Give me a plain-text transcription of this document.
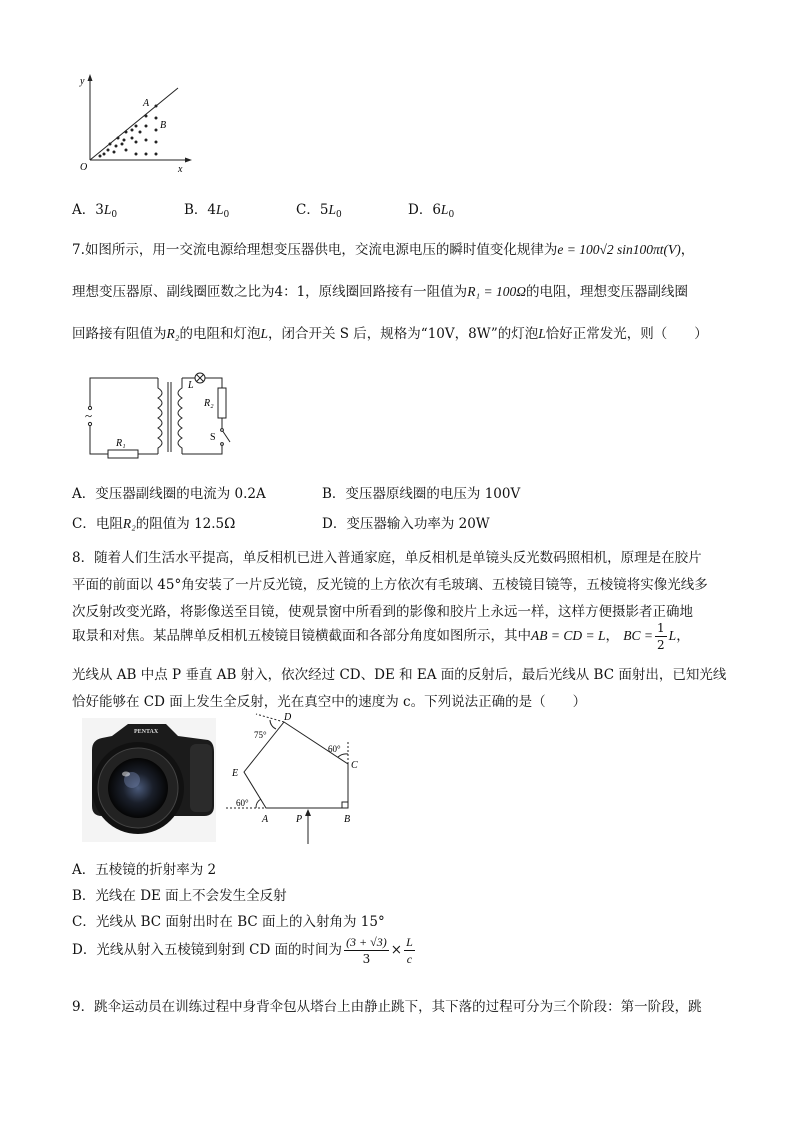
y
x
O
A
B
A．$3L_0$	B．$4L_0$	C．$5L_0$	D．$6L_0$
7.如图所示，用一交流电源给理想变压器供电，交流电源电压的瞬时值变化规律为e = 100√2 sin100πt(V)，
理想变压器原、副线圈匝数之比为4：1，原线圈回路接有一阻值为R₁ = 100Ω的电阻，理想变压器副线圈
回路接有阻值为R₂的电阻和灯泡L，闭合开关 S 后，规格为“10V，8W”的灯泡L恰好正常发光，则（　　）
~
R₁
L
R₂
S
A．变压器副线圈的电流为 0.2A	B．变压器原线圈的电压为 100V
C．电阻R₂的阻值为 12.5Ω	D．变压器输入功率为 20W
8．随着人们生活水平提高，单反相机已进入普通家庭，单反相机是单镜头反光数码照相机，原理是在胶片
平面的前面以 45°角安装了一片反光镜，反光镜的上方依次有毛玻璃、五棱镜目镜等，五棱镜将实像光线多
次反射改变光路，将影像送至目镜，使观景窗中所看到的影像和胶片上永远一样，这样方便摄影者正确地
取景和对焦。某品牌单反相机五棱镜目镜横截面和各部分角度如图所示，其中AB = CD = L， BC = $\frac{1}{2}$ L，
光线从 AB 中点 P 垂直 AB 射入，依次经过 CD、DE 和 EA 面的反射后，最后光线从 BC 面射出，已知光线
恰好能够在 CD 面上发生全反射，光在真空中的速度为 c。下列说法正确的是（　　）
PENTAX
D
C
E
A	P	B
75°
60°
60°
A．五棱镜的折射率为 2
B．光线在 DE 面上不会发生全反射
C．光线从 BC 面射出时在 BC 面上的入射角为 15°
D．光线从射入五棱镜到射到 CD 面的时间为 $\frac{(3 + √3)}{3} \times \frac{L}{c}$
9．跳伞运动员在训练过程中身背伞包从塔台上由静止跳下，其下落的过程可分为三个阶段：第一阶段，跳
